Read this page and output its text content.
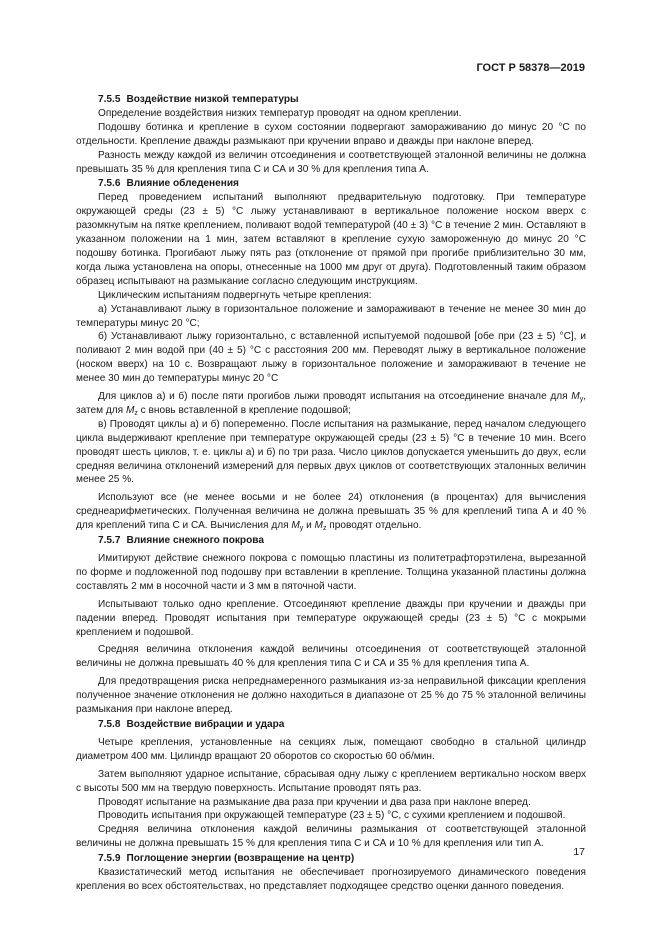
ГОСТ Р 58378—2019

7.5.5 Воздействие низкой температуры

Определение воздействия низких температур проводят на одном креплении.

Подошву ботинка и крепление в сухом состоянии подвергают замораживанию до минус 20 °C по отдельности. Крепление дважды размыкают при кручении вправо и дважды при наклоне вперед.

Разность между каждой из величин отсоединения и соответствующей эталонной величины не должна превышать 35 % для крепления типа С и СА и 30 % для крепления типа А.

7.5.6 Влияние обледенения

Перед проведением испытаний выполняют предварительную подготовку. При температуре окружающей среды (23 ± 5) °C лыжу устанавливают в вертикальное положение носком вверх с разомкнутым на пятке креплением, поливают водой температурой (40 ± 3) °C в течение 2 мин. Оставляют в указанном положении на 1 мин, затем вставляют в крепление сухую замороженную до минус 20 °C подошву ботинка. Прогибают лыжу пять раз (отклонение от прямой при прогибе приблизительно 30 мм, когда лыжа установлена на опоры, отнесенные на 1000 мм друг от друга). Подготовленный таким образом образец испытывают на размыкание согласно следующим инструкциям.

Циклическим испытаниям подвергнуть четыре крепления:

а) Устанавливают лыжу в горизонтальное положение и замораживают в течение не менее 30 мин до температуры минус 20 °C;

б) Устанавливают лыжу горизонтально, с вставленной испытуемой подошвой [обе при (23 ± 5) °C], и поливают 2 мин водой при (40 ± 5) °C с расстояния 200 мм. Переводят лыжу в вертикальное положение (носком вверх) на 10 с. Возвращают лыжу в горизонтальное положение и замораживают в течение не менее 30 мин до температуры минус 20 °C

Для циклов а) и б) после пяти прогибов лыжи проводят испытания на отсоединение вначале для $M_y$, затем для $M_z$ с вновь вставленной в крепление подошвой;

в) Проводят циклы а) и б) попеременно. После испытания на размыкание, перед началом следующего цикла выдерживают крепление при температуре окружающей среды (23 ± 5) °C в течение 10 мин. Всего проводят шесть циклов, т. е. циклы а) и б) по три раза. Число циклов допускается уменьшить до двух, если средняя величина отклонений измерений для первых двух циклов от соответствующих эталонных величин менее 25 %.

Используют все (не менее восьми и не более 24) отклонения (в процентах) для вычисления среднеарифметических. Полученная величина не должна превышать 35 % для креплений типа А и 40 % для креплений типа С и СА. Вычисления для $M_y$ и $M_z$ проводят отдельно.

7.5.7 Влияние снежного покрова

Имитируют действие снежного покрова с помощью пластины из политетрафторэтилена, вырезанной по форме и подложенной под подошву при вставлении в крепление. Толщина указанной пластины должна составлять 2 мм в носочной части и 3 мм в пяточной части.

Испытывают только одно крепление. Отсоединяют крепление дважды при кручении и дважды при падении вперед. Проводят испытания при температуре окружающей среды (23 ± 5) °C с мокрыми креплением и подошвой.

Средняя величина отклонения каждой величины отсоединения от соответствующей эталонной величины не должна превышать 40 % для крепления типа С и СА и 35 % для крепления типа А.

Для предотвращения риска непреднамеренного размыкания из-за неправильной фиксации крепления полученное значение отклонения не должно находиться в диапазоне от 25 % до 75 % эталонной величины размыкания при наклоне вперед.

7.5.8 Воздействие вибрации и удара

Четыре крепления, установленные на секциях лыж, помещают свободно в стальной цилиндр диаметром 400 мм. Цилиндр вращают 20 оборотов со скоростью 60 об/мин.

Затем выполняют ударное испытание, сбрасывая одну лыжу с креплением вертикально носком вверх с высоты 500 мм на твердую поверхность. Испытание проводят пять раз.

Проводят испытание на размыкание два раза при кручении и два раза при наклоне вперед.

Проводить испытания при окружающей температуре (23 ± 5) °C, с сухими креплением и подошвой.

Средняя величина отклонения каждой величины размыкания от соответствующей эталонной величины не должна превышать 15 % для крепления типа С и СА и 10 % для крепления или тип А.

7.5.9 Поглощение энергии (возвращение на центр)

Квазистатический метод испытания не обеспечивает прогнозируемого динамического поведения крепления во всех обстоятельствах, но представляет подходящее средство оценки данного поведения.

17
